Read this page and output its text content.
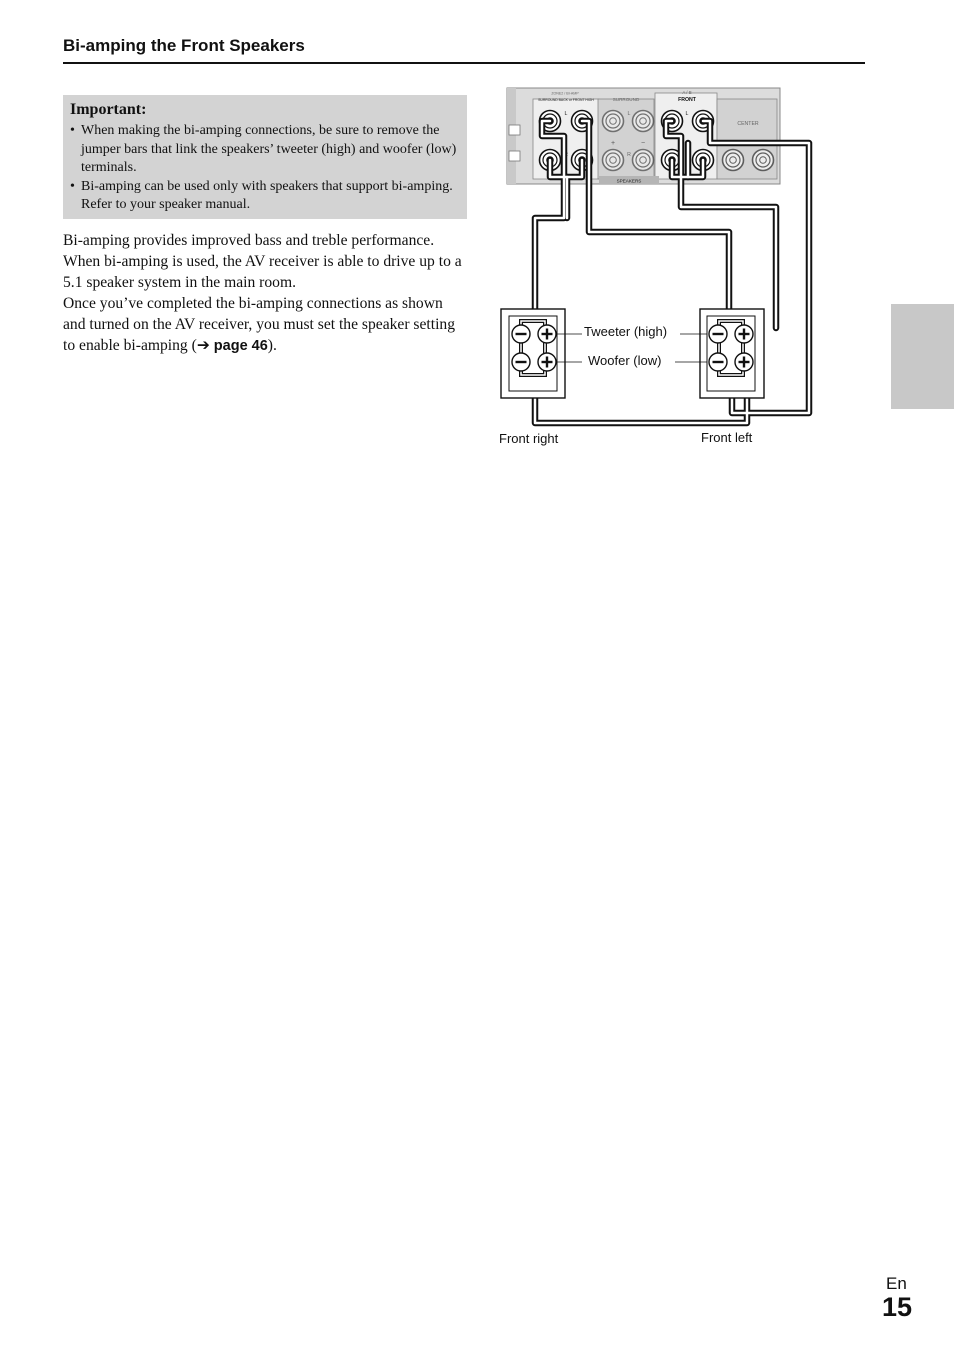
Bi-amping the Front Speakers
Important:
• When making the bi-amping connections, be sure to remove the jumper bars that link the speakers’ tweeter (high) and woofer (low) terminals.
• Bi-amping can be used only with speakers that support bi-amping. Refer to your speaker manual.

Bi-amping provides improved bass and treble performance.

When bi-amping is used, the AV receiver is able to drive up to a 5.1 speaker system in the main room.

Once you’ve completed the bi-amping connections as shown and turned on the AV receiver, you must set the speaker setting to enable bi-amping (➔ page 46).

SPEAKERS
ZONE2 / BI-AMP
SURROUND BACK or FRONT HIGH	SURROUND
A / B
FRONT
CENTER
L
R
L
R
L
R
+	−
Tweeter (high)
Woofer (low)
Front right	Front left
En
15
